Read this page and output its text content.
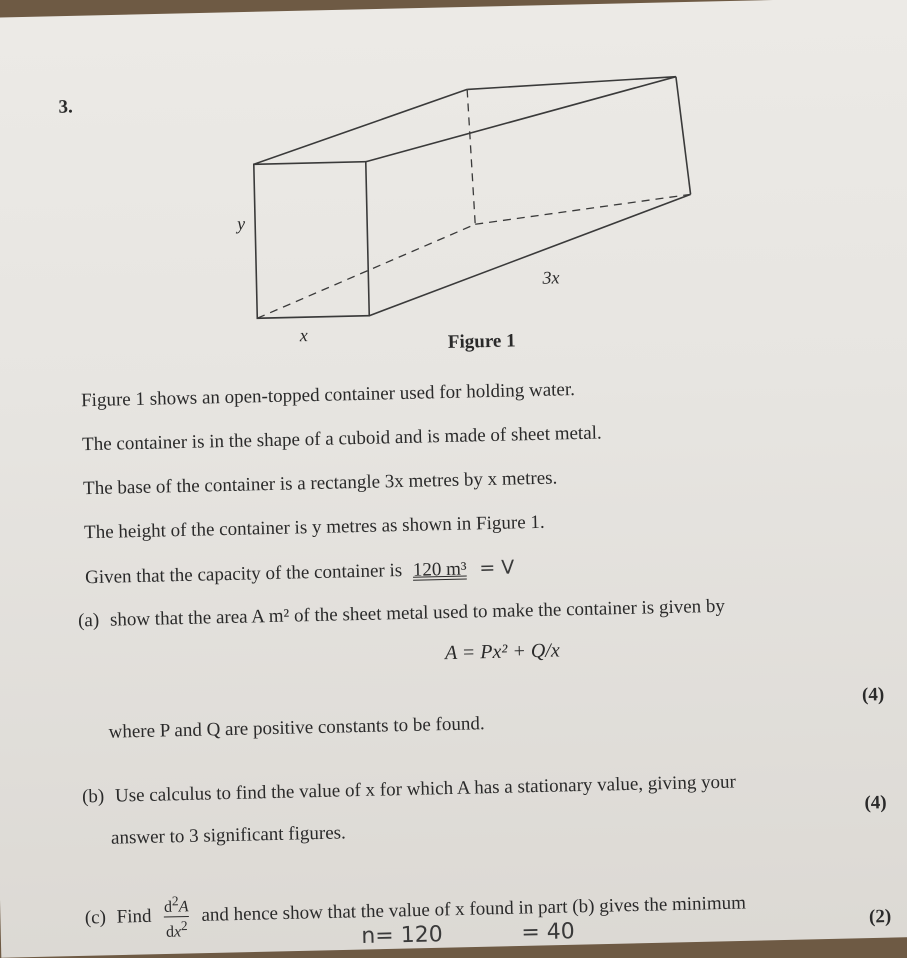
3.
y
x
3x
Figure 1
Figure 1 shows an open-topped container used for holding water.
The container is in the shape of a cuboid and is made of sheet metal.
The base of the container is a rectangle 3x metres by x metres.
The height of the container is y metres as shown in Figure 1.
Given that the capacity of the container is 120 m³ = V
(a) show that the area A m² of the sheet metal used to make the container is given by
A = Px² + Q/x
where P and Q are positive constants to be found.
(4)
(b) Use calculus to find the value of x for which A has a stationary value, giving your
answer to 3 significant figures.
(4)
(c) Find $\frac{d^2A}{dx^2}$ and hence show that the value of x found in part (b) gives the minimum	(2)
n= 120	= 40
